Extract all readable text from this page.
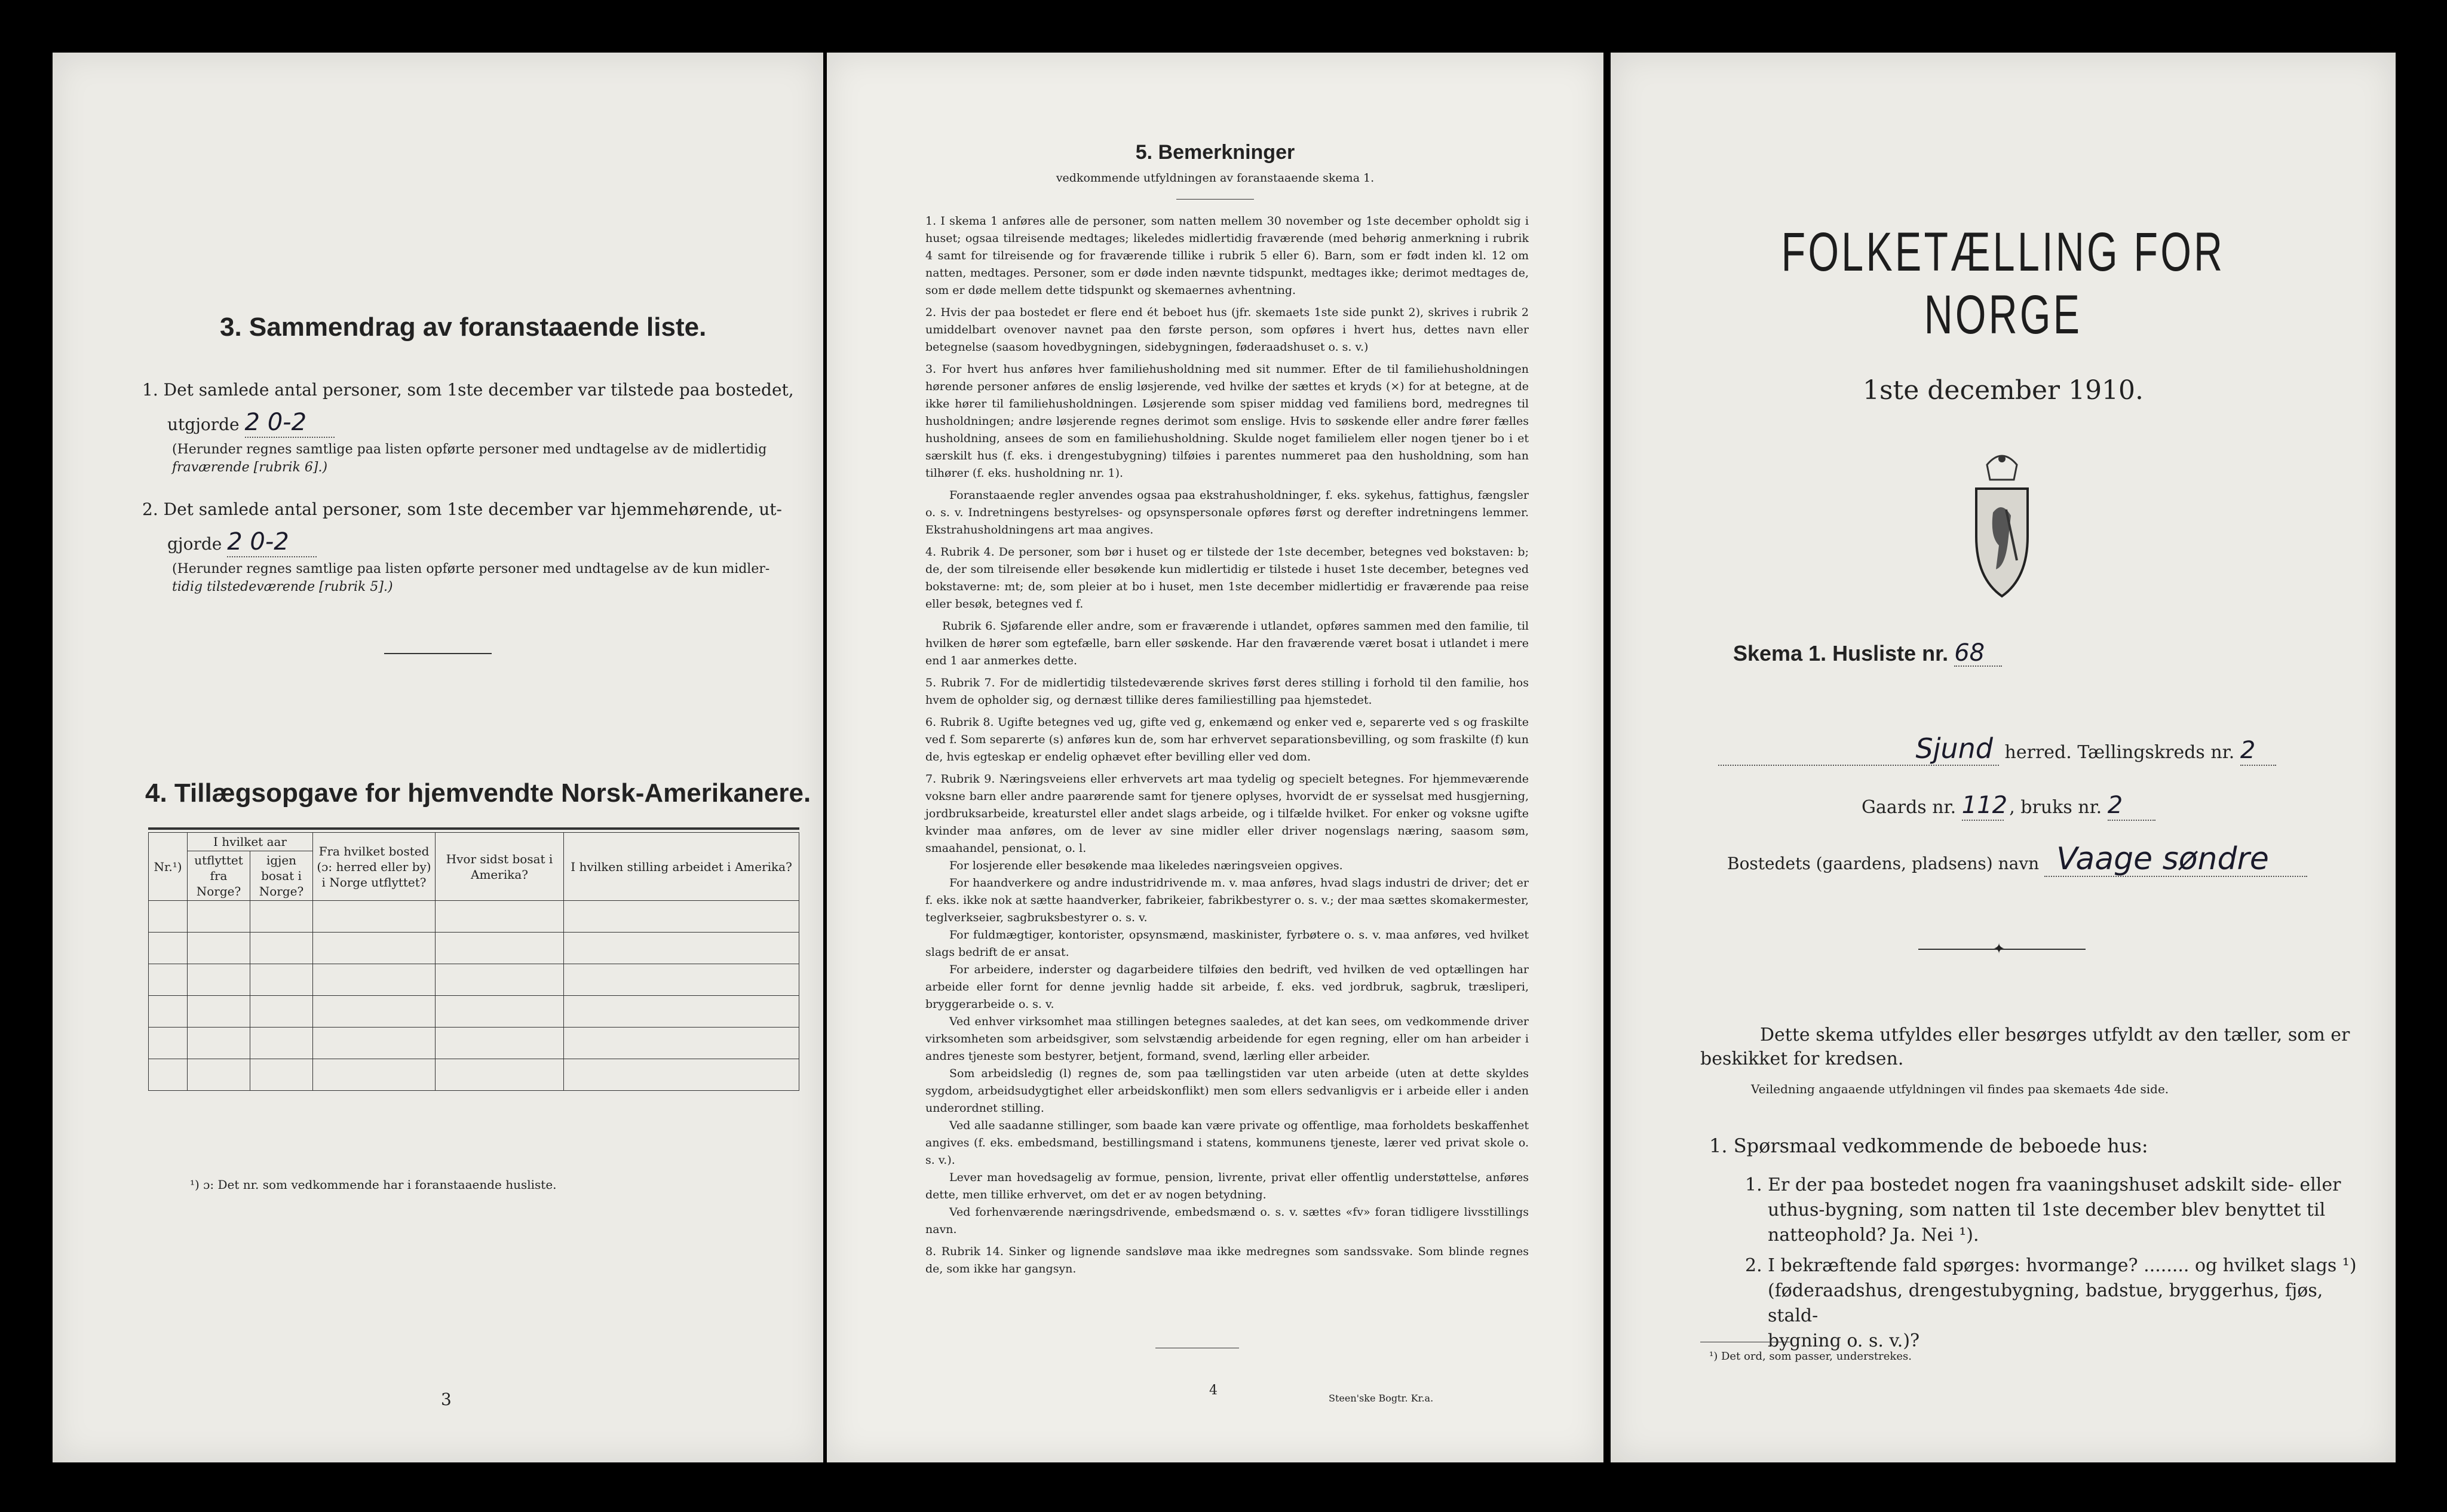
3. Sammendrag av foranstaaende liste.
1. Det samlede antal personer, som 1ste december var tilstede paa bostedet,
utgjorde 2 0-2
(Herunder regnes samtlige paa listen opførte personer med undtagelse av de midlertidig
fraværende [rubrik 6].)
2. Det samlede antal personer, som 1ste december var hjemmehørende, ut-
gjorde 2 0-2
(Herunder regnes samtlige paa listen opførte personer med undtagelse av de kun midler-
tidig tilstedeværende [rubrik 5].)
4. Tillægsopgave for hjemvendte Norsk-Amerikanere.
Nr.¹)	I hvilket aar		Fra hvilket bosted (ɔ: herred eller by) i Norge utflyttet?	Hvor sidst bosat i Amerika?	I hvilken stilling arbeidet i Amerika?
	utflyttet fra Norge?	igjen bosat i Norge?			

¹) ɔ: Det nr. som vedkommende har i foranstaaende husliste.
3
5. Bemerkninger
vedkommende utfyldningen av foranstaaende skema 1.

1. I skema 1 anføres alle de personer, som natten mellem 30 november og 1ste december opholdt sig i huset; ogsaa tilreisende medtages; likeledes midlertidig fraværende (med behørig anmerkning i rubrik 4 samt for tilreisende og for fraværende tillike i rubrik 5 eller 6). Barn, som er født inden kl. 12 om natten, medtages. Personer, som er døde inden nævnte tidspunkt, medtages ikke; derimot medtages de, som er døde mellem dette tidspunkt og skemaernes avhentning.

2. Hvis der paa bostedet er flere end ét beboet hus (jfr. skemaets 1ste side punkt 2), skrives i rubrik 2 umiddelbart ovenover navnet paa den første person, som opføres i hvert hus, dettes navn eller betegnelse (saasom hovedbygningen, sidebygningen, føderaadshuset o. s. v.)

3. For hvert hus anføres hver familiehusholdning med sit nummer. Efter de til familiehusholdningen hørende personer anføres de enslig løsjerende, ved hvilke der sættes et kryds (×) for at betegne, at de ikke hører til familiehusholdningen. Løsjerende som spiser middag ved familiens bord, medregnes til husholdningen; andre løsjerende regnes derimot som enslige. Hvis to søskende eller andre fører fælles husholdning, ansees de som en familiehusholdning. Skulde noget familielem eller nogen tjener bo i et særskilt hus (f. eks. i drengestubygning) tilføies i parentes nummeret paa den husholdning, som han tilhører (f. eks. husholdning nr. 1).

Foranstaaende regler anvendes ogsaa paa ekstrahusholdninger, f. eks. sykehus, fattighus, fængsler o. s. v. Indretningens bestyrelses- og opsynspersonale opføres først og derefter indretningens lemmer. Ekstrahusholdningens art maa angives.

4. Rubrik 4. De personer, som bør i huset og er tilstede der 1ste december, betegnes ved bokstaven: b; de, der som tilreisende eller besøkende kun midlertidig er tilstede i huset 1ste december, betegnes ved bokstaverne: mt; de, som pleier at bo i huset, men 1ste december midlertidig er fraværende paa reise eller besøk, betegnes ved f.

Rubrik 6. Sjøfarende eller andre, som er fraværende i utlandet, opføres sammen med den familie, til hvilken de hører som egtefælle, barn eller søskende. Har den fraværende været bosat i utlandet i mere end 1 aar anmerkes dette.

5. Rubrik 7. For de midlertidig tilstedeværende skrives først deres stilling i forhold til den familie, hos hvem de opholder sig, og dernæst tillike deres familiestilling paa hjemstedet.

6. Rubrik 8. Ugifte betegnes ved ug, gifte ved g, enkemænd og enker ved e, separerte ved s og fraskilte ved f. Som separerte (s) anføres kun de, som har erhvervet separationsbevilling, og som fraskilte (f) kun de, hvis egteskap er endelig ophævet efter bevilling eller ved dom.

7. Rubrik 9. Næringsveiens eller erhvervets art maa tydelig og specielt betegnes. For hjemmeværende voksne barn eller andre paarørende samt for tjenere oplyses, hvorvidt de er sysselsat med husgjerning, jordbruksarbeide, kreaturstel eller andet slags arbeide, og i tilfælde hvilket. For enker og voksne ugifte kvinder maa anføres, om de lever av sine midler eller driver nogenslags næring, saasom søm, smaahandel, pensionat, o. l.

For losjerende eller besøkende maa likeledes næringsveien opgives.

For haandverkere og andre industridrivende m. v. maa anføres, hvad slags industri de driver; det er f. eks. ikke nok at sætte haandverker, fabrikeier, fabrikbestyrer o. s. v.; der maa sættes skomakermester, teglverkseier, sagbruksbestyrer o. s. v.

For fuldmægtiger, kontorister, opsynsmænd, maskinister, fyrbøtere o. s. v. maa anføres, ved hvilket slags bedrift de er ansat.

For arbeidere, inderster og dagarbeidere tilføies den bedrift, ved hvilken de ved optællingen har arbeide eller fornt for denne jevnlig hadde sit arbeide, f. eks. ved jordbruk, sagbruk, træsliperi, bryggerarbeide o. s. v.

Ved enhver virksomhet maa stillingen betegnes saaledes, at det kan sees, om vedkommende driver virksomheten som arbeidsgiver, som selvstændig arbeidende for egen regning, eller om han arbeider i andres tjeneste som bestyrer, betjent, formand, svend, lærling eller arbeider.

Som arbeidsledig (l) regnes de, som paa tællingstiden var uten arbeide (uten at dette skyldes sygdom, arbeidsudygtighet eller arbeidskonflikt) men som ellers sedvanligvis er i arbeide eller i anden underordnet stilling.

Ved alle saadanne stillinger, som baade kan være private og offentlige, maa forholdets beskaffenhet angives (f. eks. embedsmand, bestillingsmand i statens, kommunens tjeneste, lærer ved privat skole o. s. v.).

Lever man hovedsagelig av formue, pension, livrente, privat eller offentlig understøttelse, anføres dette, men tillike erhvervet, om det er av nogen betydning.

Ved forhenværende næringsdrivende, embedsmænd o. s. v. sættes «fv» foran tidligere livsstillings navn.

8. Rubrik 14. Sinker og lignende sandsløve maa ikke medregnes som sandssvake. Som blinde regnes de, som ikke har gangsyn.

4
Steen'ske Bogtr. Kr.a.
FOLKETÆLLING FOR NORGE
1ste december 1910.
Skema 1. Husliste nr. 68
Sjund herred. Tællingskreds nr. 2
Gaards nr. 112 , bruks nr. 2
Bostedets (gaardens, pladsens) navn Vaage søndre
✦
Dette skema utfyldes eller besørges utfyldt av den tæller, som er
beskikket for kredsen.
Veiledning angaaende utfyldningen vil findes paa skemaets 4de side.
1. Spørsmaal vedkommende de beboede hus:
1. Er der paa bostedet nogen fra vaaningshuset adskilt side- eller
uthus-bygning, som natten til 1ste december blev benyttet til
natteophold? Ja. Nei ¹).
2. I bekræftende fald spørges: hvormange? ........ og hvilket slags ¹)
(føderaadshus, drengestubygning, badstue, bryggerhus, fjøs, stald-
bygning o. s. v.)?
¹) Det ord, som passer, understrekes.
